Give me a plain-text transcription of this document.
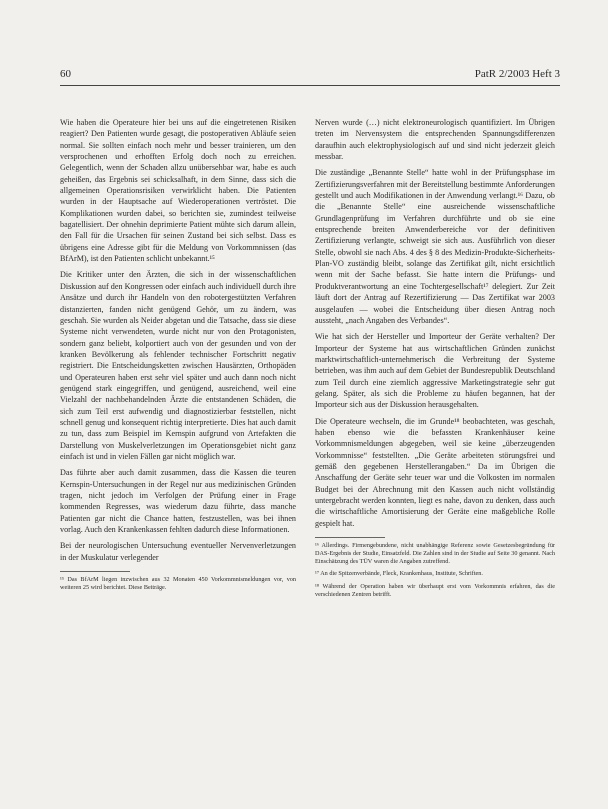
60	PatR 2/2003 Heft 3

Wie haben die Operateure hier bei uns auf die eingetretenen Risiken reagiert? Den Patienten wurde gesagt, die postoperativen Abläufe seien normal. Sie sollten einfach noch mehr und besser trainieren, um den versprochenen und erhofften Erfolg doch noch zu erreichen. Gelegentlich, wenn der Schaden allzu unübersehbar war, habe es auch geheißen, das Ergebnis sei schicksalhaft, in dem Sinne, dass sich die allgemeinen Operationsrisiken verwirklicht haben. Die Patienten wurden in der Hauptsache auf Wiederoperationen vertröstet. Die Komplikationen wurden dabei, so berichten sie, zumindest teilweise bagatellisiert. Der ohnehin deprimierte Patient mühte sich darum allein, den Fall für die Ursachen für seinen Zustand bei sich selbst. Dass es übrigens eine Adresse gibt für die Meldung von Vorkommnissen (das BfArM), ist den Patienten schlicht unbekannt.¹⁵

Die Kritiker unter den Ärzten, die sich in der wissenschaftlichen Diskussion auf den Kongressen oder einfach auch individuell durch ihre Ansätze und durch ihr Handeln von den robotergestützten Verfahren distanzierten, fanden nicht genügend Gehör, um zu ändern, was geschah. Sie wurden als Neider abgetan und die Tatsache, dass sie diese Systeme nicht verwendeten, wurde nicht nur von den Protagonisten, sondern ganz beliebt, kolportiert auch von der gesunden und von der kranken Bevölkerung als fehlender technischer Fortschritt negativ registriert. Die Entscheidungsketten zwischen Hausärzten, Orthopäden und Operateuren haben erst sehr viel später und auch dann noch nicht genügend stark eingegriffen, und genügend, ausreichend, weil eine Vielzahl der nachbehandelnden Ärzte die entstandenen Schäden, die sich zum Teil erst aufwendig und diagnostizierbar feststellen, nicht schnell genug und konsequent richtig interpretierte. Dies hat auch damit zu tun, dass zum Beispiel im Kernspin aufgrund von Artefakten die Darstellung von Muskelverletzungen im Operationsgebiet nicht ganz einfach ist und in vielen Fällen gar nicht möglich war.

Das führte aber auch damit zusammen, dass die Kassen die teuren Kernspin-Untersuchungen in der Regel nur aus medizinischen Gründen tragen, nicht jedoch im Verfolgen der Prüfung einer in Frage kommenden Regresses, was wiederum dazu führte, dass manche Patienten gar nicht die Chance hatten, festzustellen, was bei ihnen vorlag. Auch den Krankenkassen fehlten dadurch diese Informationen.

Bei der neurologischen Untersuchung eventueller Nervenverletzungen in der Muskulatur verlegender

¹⁵ Das BfArM liegen inzwischen aus 32 Monaten 450 Vorkommnismeldungen vor, von weiteren 25 wird berichtet. Diese Beiträge.

Nerven wurde (…) nicht elektroneurologisch quantifiziert. Im Übrigen treten im Nervensystem die entsprechenden Spannungsdifferenzen daraufhin auch elektrophysiologisch auf und sind nicht jederzeit gleich messbar.

Die zuständige „Benannte Stelle“ hatte wohl in der Prüfungsphase im Zertifizierungsverfahren mit der Bereitstellung bestimmte Anforderungen gestellt und auch Modifikationen in der Anwendung verlangt.¹⁶ Dazu, ob die „Benannte Stelle“ eine ausreichende wissenschaftliche Grundlagenprüfung im Verfahren durchführte und ob sie eine entsprechende breiten Anwenderbereiche vor der definitiven Zertifizierung verlangte, schweigt sie sich aus. Ausführlich von dieser Stelle, obwohl sie nach Abs. 4 des § 8 des Medizin-Produkte-Sicherheits-Plan-VO zuständig bleibt, solange das Zertifikat gilt, nicht ersichtlich wenn mit der Sache befasst. Sie hatte intern die Prüfungs- und Produktverantwortung an eine Tochtergesellschaft¹⁷ delegiert. Zur Zeit läuft dort der Antrag auf Rezertifizierung — Das Zertifikat war 2003 ausgelaufen — wobei die Entscheidung über diesen Antrag noch aussteht, „nach Angaben des Verbandes“.

Wie hat sich der Hersteller und Importeur der Geräte verhalten? Der Importeur der Systeme hat aus wirtschaftlichen Gründen zunächst marktwirtschaftlich-unternehmerisch die Verbreitung der Systeme betrieben, was ihm auch auf dem Gebiet der Bundesrepublik Deutschland zum Teil durch eine ziemlich aggressive Marketingstrategie sehr gut gelang. Später, als sich die Probleme zu häufen begannen, hat der Importeur sich aus der Diskussion herausgehalten.

Die Operateure wechseln, die im Grunde¹⁸ beobachteten, was geschah, haben ebenso wie die befassten Krankenhäuser keine Vorkommnismeldungen abgegeben, weil sie keine „überzeugenden Vorkommnisse“ feststellten. „Die Geräte arbeiteten störungsfrei und gemäß den gegebenen Herstellerangaben.“ Da im Übrigen die Anschaffung der Geräte sehr teuer war und die Volkosten im normalen Budget bei der Abrechnung mit den Kassen auch nicht vollständig untergebracht werden konnten, liegt es nahe, davon zu denken, dass auch die wirtschaftliche Amortisierung der Geräte eine maßgebliche Rolle gespielt hat.

¹⁶ Allerdings. Firmengebundene, nicht unabhängige Referenz sowie Gesetzesbegründung für DAS-Ergebnis der Studie, Einsatzfeld. Die Zahlen sind in der Studie auf Seite 30 genannt. Nach Einschätzung des TÜV waren die Angaben zutreffend.

¹⁷ An die Spitzenverbände, Fleck, Krankenhaus, Institute, Schriften.

¹⁸ Während der Operation haben wir überhaupt erst vom Vorkommnis erfahren, das die verschiedenen Zentren betrifft.
